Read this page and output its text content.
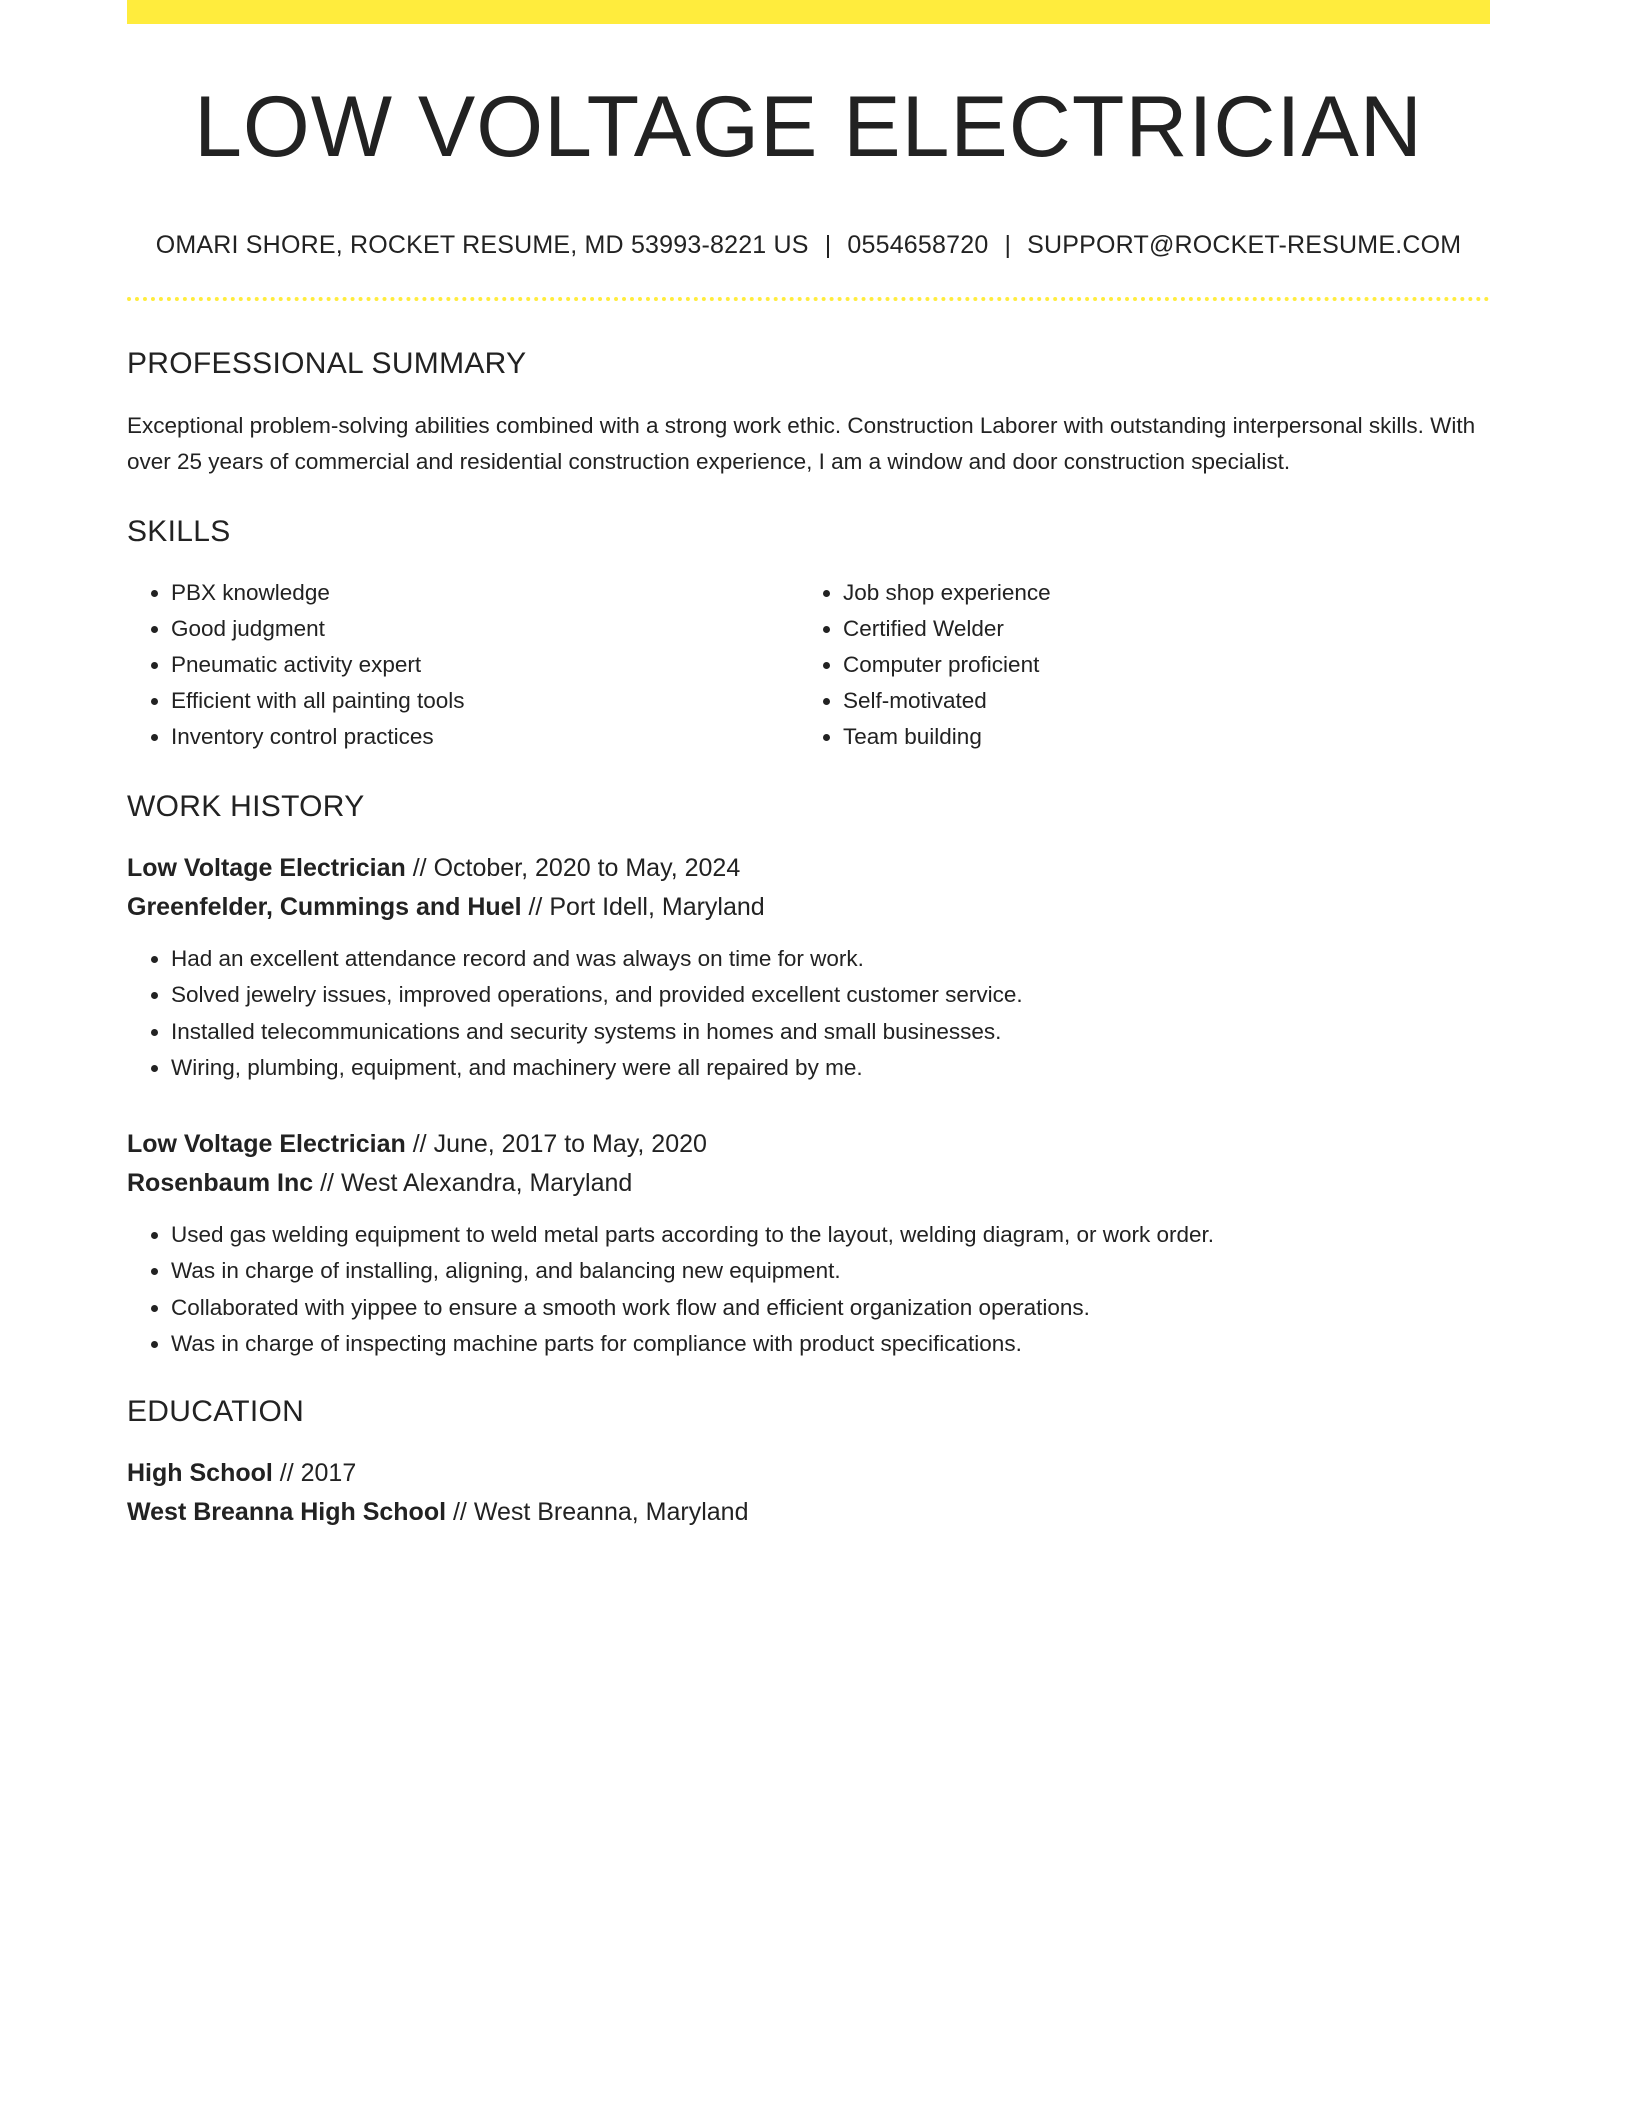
LOW VOLTAGE ELECTRICIAN
OMARI SHORE, ROCKET RESUME, MD 53993-8221 US | 0554658720 | SUPPORT@ROCKET-RESUME.COM
PROFESSIONAL SUMMARY
Exceptional problem-solving abilities combined with a strong work ethic. Construction Laborer with outstanding interpersonal skills. With over 25 years of commercial and residential construction experience, I am a window and door construction specialist.
SKILLS
• PBX knowledge
• Good judgment
• Pneumatic activity expert
• Efficient with all painting tools
• Inventory control practices
• Job shop experience
• Certified Welder
• Computer proficient
• Self-motivated
• Team building
WORK HISTORY
Low Voltage Electrician // October, 2020 to May, 2024
Greenfelder, Cummings and Huel // Port Idell, Maryland
• Had an excellent attendance record and was always on time for work.
• Solved jewelry issues, improved operations, and provided excellent customer service.
• Installed telecommunications and security systems in homes and small businesses.
• Wiring, plumbing, equipment, and machinery were all repaired by me.
Low Voltage Electrician // June, 2017 to May, 2020
Rosenbaum Inc // West Alexandra, Maryland
• Used gas welding equipment to weld metal parts according to the layout, welding diagram, or work order.
• Was in charge of installing, aligning, and balancing new equipment.
• Collaborated with yippee to ensure a smooth work flow and efficient organization operations.
• Was in charge of inspecting machine parts for compliance with product specifications.
EDUCATION
High School // 2017
West Breanna High School // West Breanna, Maryland
